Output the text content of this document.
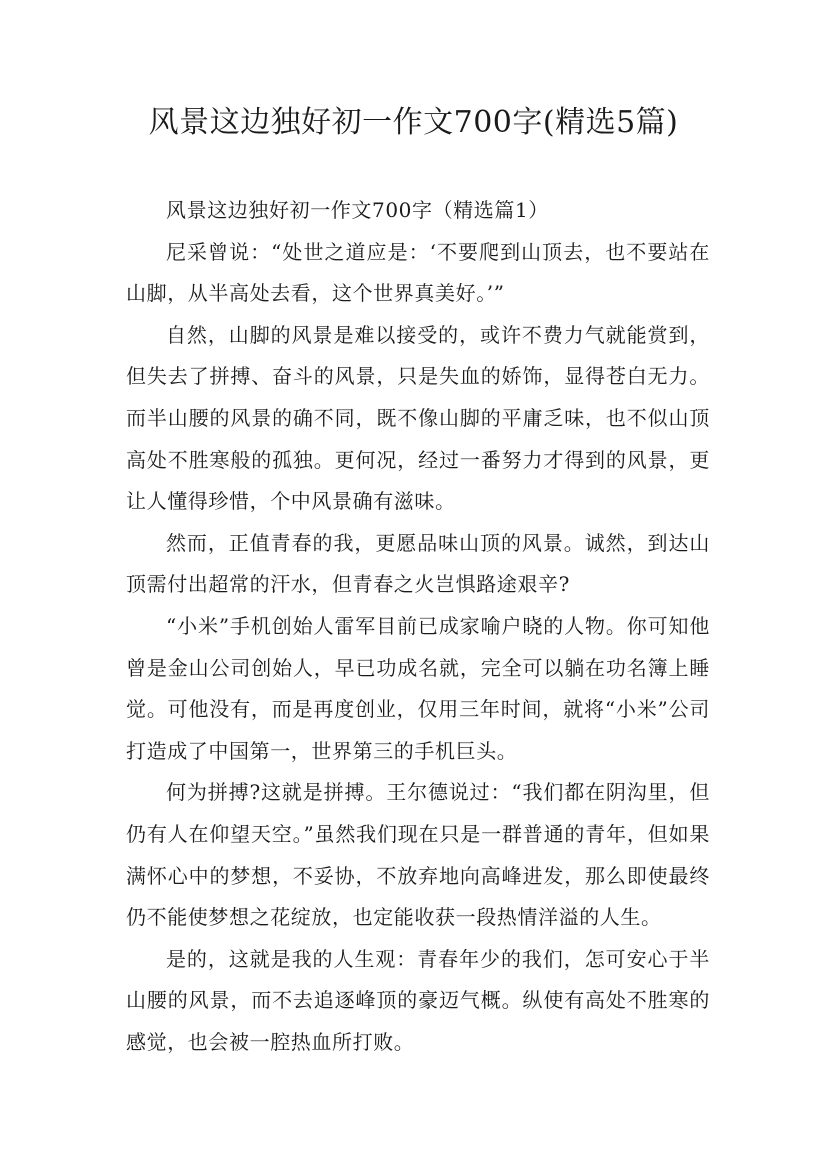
风景这边独好初一作文700字(精选5篇)

风景这边独好初一作文700字（精选篇1）

尼采曾说：“处世之道应是：‘不要爬到山顶去，也不要站在山脚，从半高处去看，这个世界真美好。’”

自然，山脚的风景是难以接受的，或许不费力气就能赏到，但失去了拼搏、奋斗的风景，只是失血的娇饰，显得苍白无力。而半山腰的风景的确不同，既不像山脚的平庸乏味，也不似山顶高处不胜寒般的孤独。更何况，经过一番努力才得到的风景，更让人懂得珍惜，个中风景确有滋味。

然而，正值青春的我，更愿品味山顶的风景。诚然，到达山顶需付出超常的汗水，但青春之火岂惧路途艰辛?

“小米”手机创始人雷军目前已成家喻户晓的人物。你可知他曾是金山公司创始人，早已功成名就，完全可以躺在功名簿上睡觉。可他没有，而是再度创业，仅用三年时间，就将“小米”公司打造成了中国第一，世界第三的手机巨头。

何为拼搏?这就是拼搏。王尔德说过：“我们都在阴沟里，但仍有人在仰望天空。”虽然我们现在只是一群普通的青年，但如果满怀心中的梦想，不妥协，不放弃地向高峰进发，那么即使最终仍不能使梦想之花绽放，也定能收获一段热情洋溢的人生。

是的，这就是我的人生观：青春年少的我们，怎可安心于半山腰的风景，而不去追逐峰顶的豪迈气概。纵使有高处不胜寒的感觉，也会被一腔热血所打败。
